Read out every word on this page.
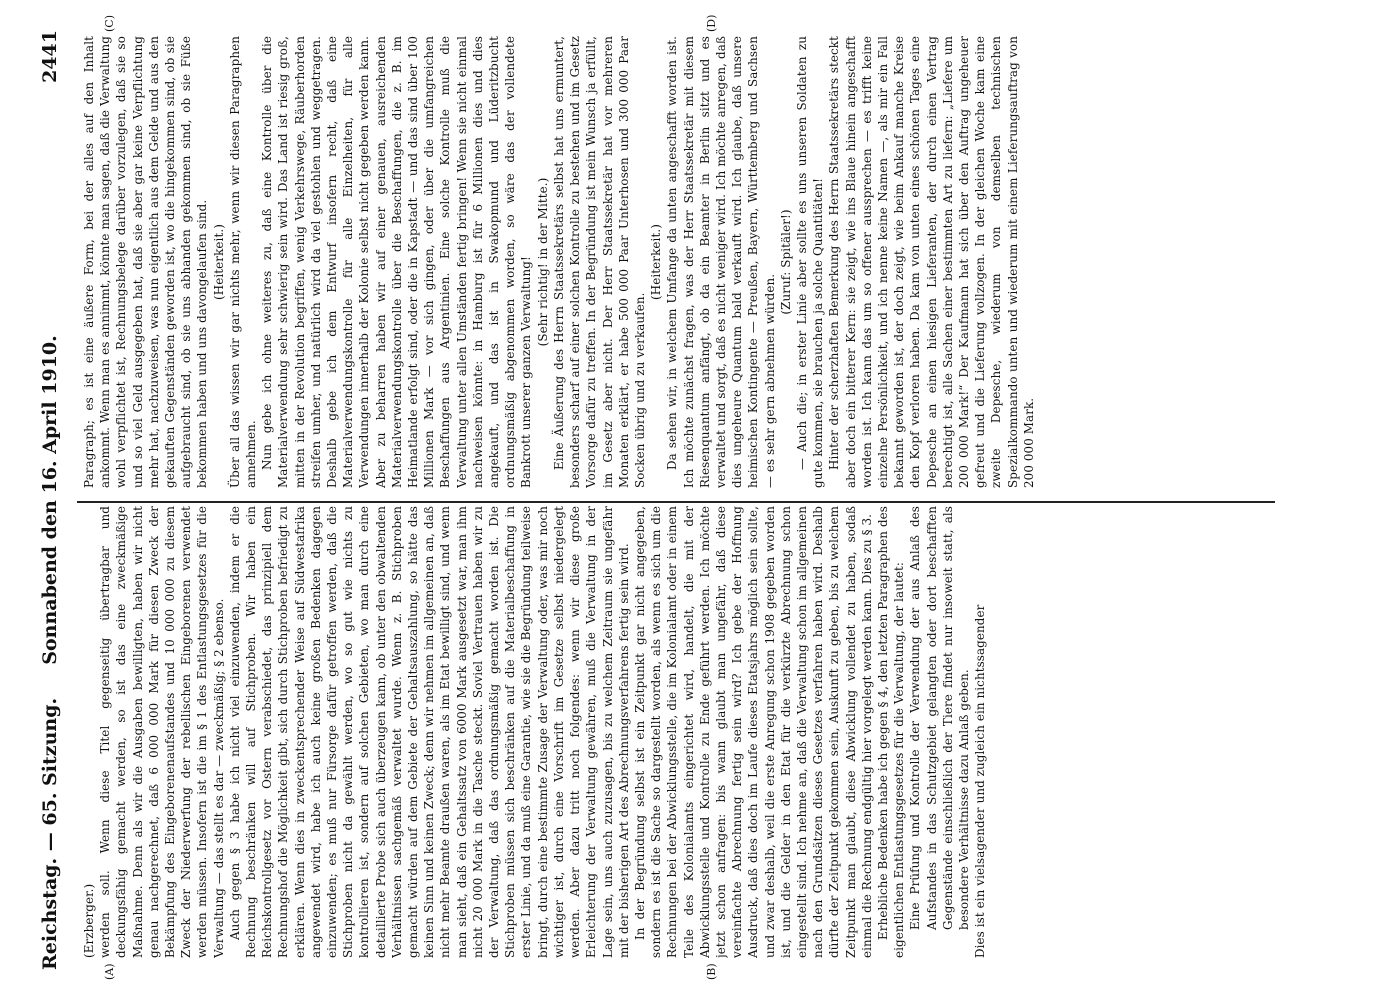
Reichstag. — 65. Sitzung.
Sonnabend den 16. April 1910.
2441
(A)	(B)
(C)	(D)

(Erzberger.) werden soll. Wenn diese Titel gegenseitig übertragbar und deckungsfähig gemacht werden, so ist das eine zweckmäßige Maßnahme. Denn als wir die Ausgaben bewilligten, haben wir nicht genau nachgerechnet, daß 6 000 000 Mark für diesen Zweck der Bekämpfung des Eingeborenenaufstandes und 10 000 000 zu diesem Zweck der Niederwerfung der rebellischen Eingeborenen verwendet werden müssen. Insofern ist die im § 1 des Entlastungsgesetzes für die Verwaltung — das stellt es dar — zweckmäßig; § 2 ebenso. Auch gegen § 3 habe ich nicht viel einzuwenden, indem er die Rechnung beschränken will auf Stichproben. Wir haben ein Reichskontrollgesetz vor Ostern verabschiedet, das prinzipiell dem Rechnungshof die Möglichkeit gibt, sich durch Stichproben befriedigt zu erklären. Wenn dies in zweckentsprechender Weise auf Südwestafrika angewendet wird, habe ich auch keine großen Bedenken dagegen einzuwenden; es muß nur Fürsorge dafür getroffen werden, daß die Stichproben nicht da gewählt werden, wo so gut wie nichts zu kontrollieren ist, sondern auf solchen Gebieten, wo man durch eine detaillierte Probe sich auch überzeugen kann, ob unter den obwaltenden Verhältnissen sachgemäß verwaltet wurde. Wenn z. B. Stichproben gemacht würden auf dem Gebiete der Gehaltsauszahlung, so hätte das keinen Sinn und keinen Zweck; denn wir nehmen im allgemeinen an, daß nicht mehr Beamte draußen waren, als im Etat bewilligt sind, und wenn man sieht, daß ein Gehaltssatz von 6000 Mark ausgesetzt war, man ihm nicht 20 000 Mark in die Tasche steckt. Soviel Vertrauen haben wir zu der Verwaltung, daß das ordnungsmäßig gemacht worden ist. Die Stichproben müssen sich beschränken auf die Materialbeschaffung in erster Linie, und da muß eine Garantie, wie sie die Begründung teilweise bringt, durch eine bestimmte Zusage der Verwaltung oder, was mir noch wichtiger ist, durch eine Vorschrift im Gesetze selbst niedergelegt werden. Aber dazu tritt noch folgendes: wenn wir diese große Erleichterung der Verwaltung gewähren, muß die Verwaltung in der Lage sein, uns auch zuzusagen, bis zu welchem Zeitraum sie ungefähr mit der bisherigen Art des Abrechnungsverfahrens fertig sein wird. In der Begründung selbst ist ein Zeitpunkt gar nicht angegeben, sondern es ist die Sache so dargestellt worden, als wenn es sich um die Rechnungen bei der Abwicklungsstelle, die im Kolonialamt oder in einem Teile des Kolonialamts eingerichtet wird, handelt, die mit der Abwicklungsstelle und Kontrolle zu Ende geführt werden. Ich möchte jetzt schon anfragen: bis wann glaubt man ungefähr, daß diese vereinfachte Abrechnung fertig sein wird? Ich gebe der Hoffnung Ausdruck, daß dies doch im Laufe dieses Etatsjahrs möglich sein sollte, und zwar deshalb, weil die erste Anregung schon 1908 gegeben worden ist, und die Gelder in den Etat für die verkürzte Abrechnung schon eingestellt sind. Ich nehme an, daß die Verwaltung schon im allgemeinen nach den Grundsätzen dieses Gesetzes verfahren haben wird. Deshalb dürfte der Zeitpunkt gekommen sein, Auskunft zu geben, bis zu welchem Zeitpunkt man glaubt, diese Abwicklung vollendet zu haben, sodaß einmal die Rechnung endgültig hier vorgelegt werden kann. Dies zu § 3. Erhebliche Bedenken habe ich gegen § 4, den letzten Paragraphen des eigentlichen Entlastungsgesetzes für die Verwaltung, der lautet: Eine Prüfung und Kontrolle der Verwendung der aus Anlaß des Aufstandes in das Schutzgebiet gelangten oder dort beschafften Gegenstände einschließlich der Tiere findet nur insoweit statt, als besondere Verhältnisse dazu Anlaß geben. Dies ist ein vielsagender und zugleich ein nichtssagender

Paragraph; es ist eine äußere Form, bei der alles auf den Inhalt ankommt. Wenn man es annimmt, könnte man sagen, daß die Verwaltung wohl verpflichtet ist, Rechnungsbelege darüber vorzulegen, daß sie so und so viel Geld ausgegeben hat, daß sie aber gar keine Verpflichtung mehr hat, nachzuweisen, was nun eigentlich aus dem Gelde und aus den gekauften Gegenständen geworden ist, wo die hingekommen sind, ob sie aufgebraucht sind, ob sie uns abhanden gekommen sind, ob sie Füße bekommen haben und uns davongelaufen sind. (Heiterkeit.) Über all das wissen wir gar nichts mehr, wenn wir diesen Paragraphen annehmen. Nun gebe ich ohne weiteres zu, daß eine Kontrolle über die Materialverwendung sehr schwierig sein wird. Das Land ist riesig groß, mitten in der Revolution begriffen, wenig Verkehrswege, Räuberhorden streifen umher, und natürlich wird da viel gestohlen und weggetragen. Deshalb gebe ich dem Entwurf insofern recht, daß eine Materialverwendungskontrolle für alle Einzelheiten, für alle Verwendungen innerhalb der Kolonie selbst nicht gegeben werden kann. Aber zu beharren haben wir auf einer genauen, ausreichenden Materialverwendungskontrolle über die Beschaffungen, die z. B. im Heimatlande erfolgt sind, oder die in Kapstadt — und das sind über 100 Millionen Mark — vor sich gingen, oder über die umfangreichen Beschaffungen aus Argentinien. Eine solche Kontrolle muß die Verwaltung unter allen Umständen fertig bringen! Wenn sie nicht einmal nachweisen könnte: in Hamburg ist für 6 Millionen dies und dies angekauft, und das ist in Swakopmund und Lüderitzbucht ordnungsmäßig abgenommen worden, so wäre das der vollendete Bankrott unserer ganzen Verwaltung! (Sehr richtig! in der Mitte.) Eine Äußerung des Herrn Staatssekretärs selbst hat uns ermuntert, besonders scharf auf einer solchen Kontrolle zu bestehen und im Gesetz Vorsorge dafür zu treffen. In der Begründung ist mein Wunsch ja erfüllt, im Gesetz aber nicht. Der Herr Staatssekretär hat vor mehreren Monaten erklärt, er habe 500 000 Paar Unterhosen und 300 000 Paar Socken übrig und zu verkaufen.

(Heiterkeit.) Da sehen wir, in welchem Umfange da unten angeschafft worden ist. Ich möchte zunächst fragen, was der Herr Staatssekretär mit diesem Riesenquantum anfängt, ob da ein Beamter in Berlin sitzt und es verwaltet und sorgt, daß es nicht weniger wird. Ich möchte anregen, daß dies ungeheure Quantum bald verkauft wird. Ich glaube, daß unsere heimischen Kontingente — Preußen, Bayern, Württemberg und Sachsen — es sehr gern abnehmen würden.

(Zuruf: Spitäler!) — Auch die; in erster Linie aber sollte es uns unseren Soldaten zu gute kommen, sie brauchen ja solche Quantitäten! Hinter der scherzhaften Bemerkung des Herrn Staatssekretärs steckt aber doch ein bitterer Kern: sie zeigt, wie ins Blaue hinein angeschafft worden ist. Ich kann das um so offener aussprechen — es trifft keine einzelne Persönlichkeit, und ich nenne keine Namen —, als mir ein Fall bekannt geworden ist, der doch zeigt, wie beim Ankauf manche Kreise den Kopf verloren haben. Da kam von unten eines schönen Tages eine Depesche an einen hiesigen Lieferanten, der durch einen Vertrag berechtigt ist, alle Sachen einer bestimmten Art zu liefern: „Liefere um 200 000 Mark!“ Der Kaufmann hat sich über den Auftrag ungeheuer gefreut und die Lieferung vollzogen. In der gleichen Woche kam eine zweite Depesche, wiederum von demselben technischen Spezialkommando unten und wiederum mit einem Lieferungsauftrag von 200 000 Mark.
